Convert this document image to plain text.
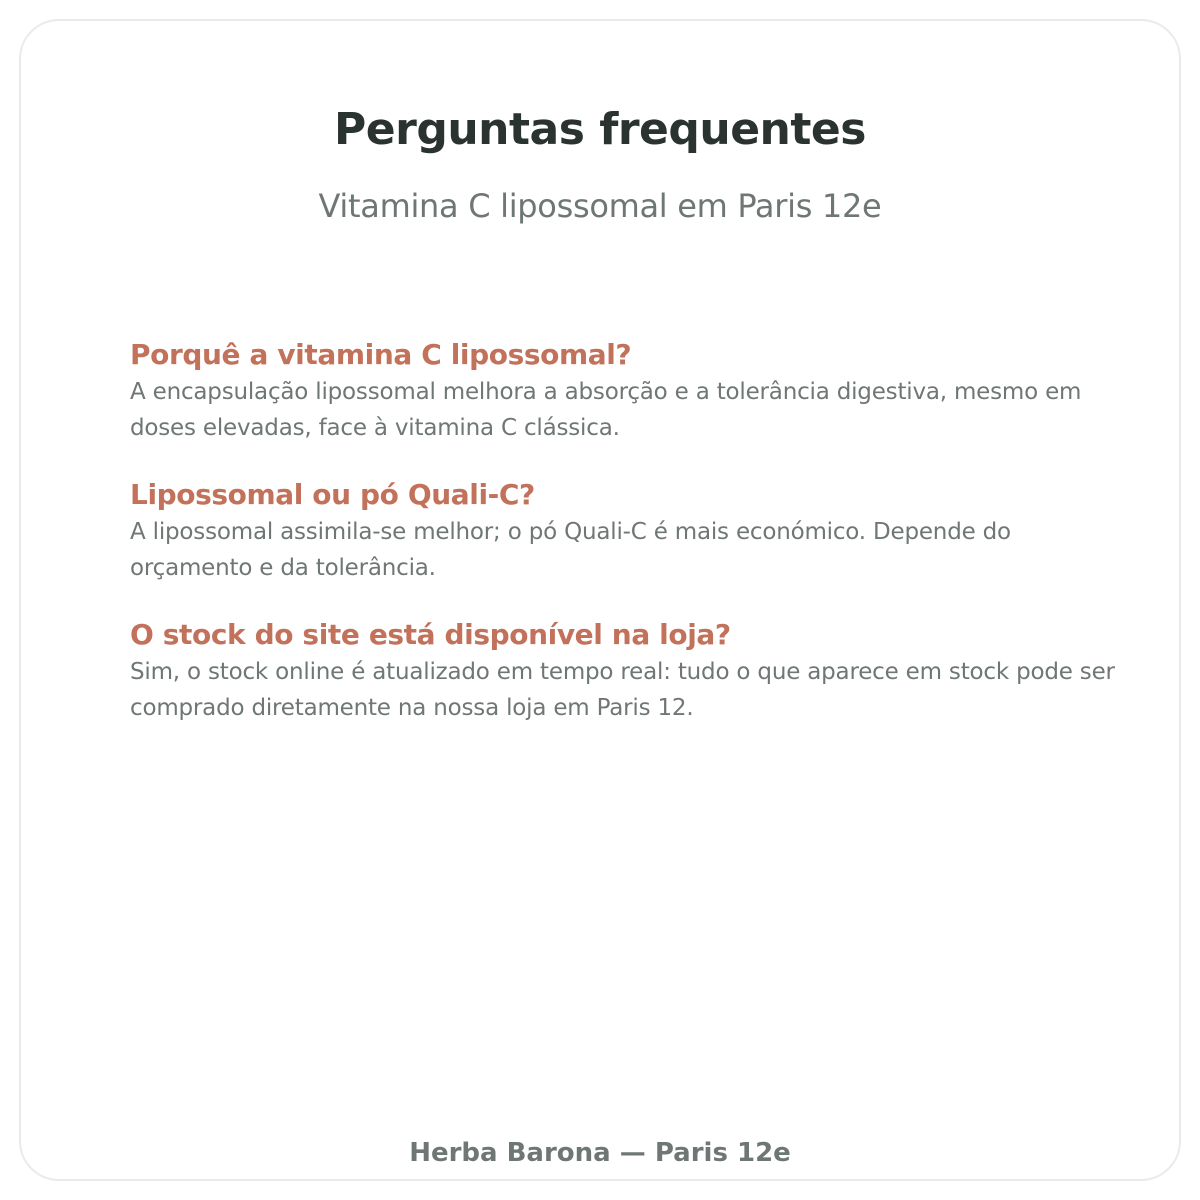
Perguntas frequentes
Vitamina C lipossomal em Paris 12e

Porquê a vitamina C lipossomal?

A encapsulação lipossomal melhora a absorção e a tolerância digestiva, mesmo em doses elevadas, face à vitamina C clássica.

Lipossomal ou pó Quali-C?

A lipossomal assimila-se melhor; o pó Quali-C é mais económico. Depende do orçamento e da tolerância.

O stock do site está disponível na loja?

Sim, o stock online é atualizado em tempo real: tudo o que aparece em stock pode ser comprado diretamente na nossa loja em Paris 12.

Herba Barona — Paris 12e
